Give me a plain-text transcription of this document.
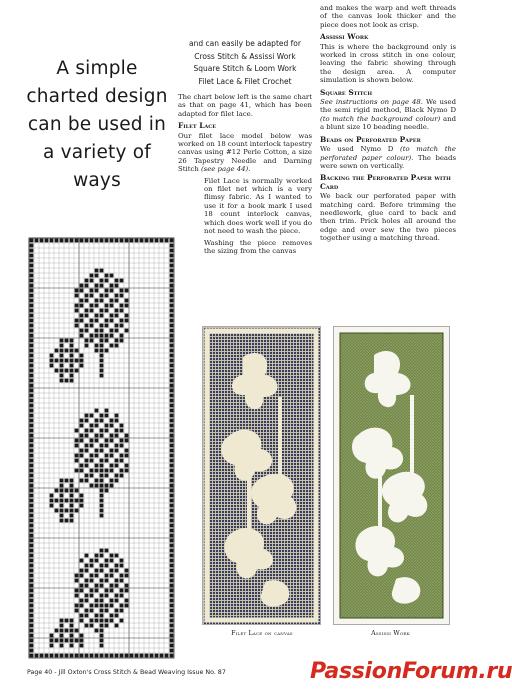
A simple
charted design
can be used in
a variety of
ways
and can easily be adapted for
Cross Stitch & Assissi Work
Square Stitch & Loom Work
Filet Lace & Filet Crochet

The chart below left is the same chart as that on page 41, which has been adapted for filet lace.

Filet Lace

Our filet lace model below was worked on 18 count interlock tapestry canvas using #12 Perle Cotton, a size 26 Tapestry Needle and Darning Stitch (see page 44).

Filet Lace is normally worked on filet net which is a very flimsy fabric. As I wanted to use it for a book mark I used 18 count interlock canvas, which does work well if you do not need to wash the piece.

Washing the piece removes the sizing from the canvas

and makes the warp and weft threads of the canvas look thicker and the piece does not look as crisp.

Assissi Work

This is where the background only is worked in cross stitch in one colour, leaving the fabric showing through the design area. A computer simulation is shown below.

Square Stitch

See instructions on page 48. We used the semi rigid method, Black Nymo D (to match the background colour) and a blunt size 10 beading needle.

Beads on Perforated Paper

We used Nymo D (to match the perforated paper colour). The beads were sewn on vertically.

Backing the Perforated Paper with Card

We back our perforated paper with matching card. Before trimming the needlework, glue card to back and then trim. Prick holes all around the edge and over sew the two pieces together using a matching thread.

Filet Lace on canvas	Assissi Work
Page 40 - Jill Oxton's Cross Stitch & Bead Weaving Issue No. 87	PassionForum.ru
